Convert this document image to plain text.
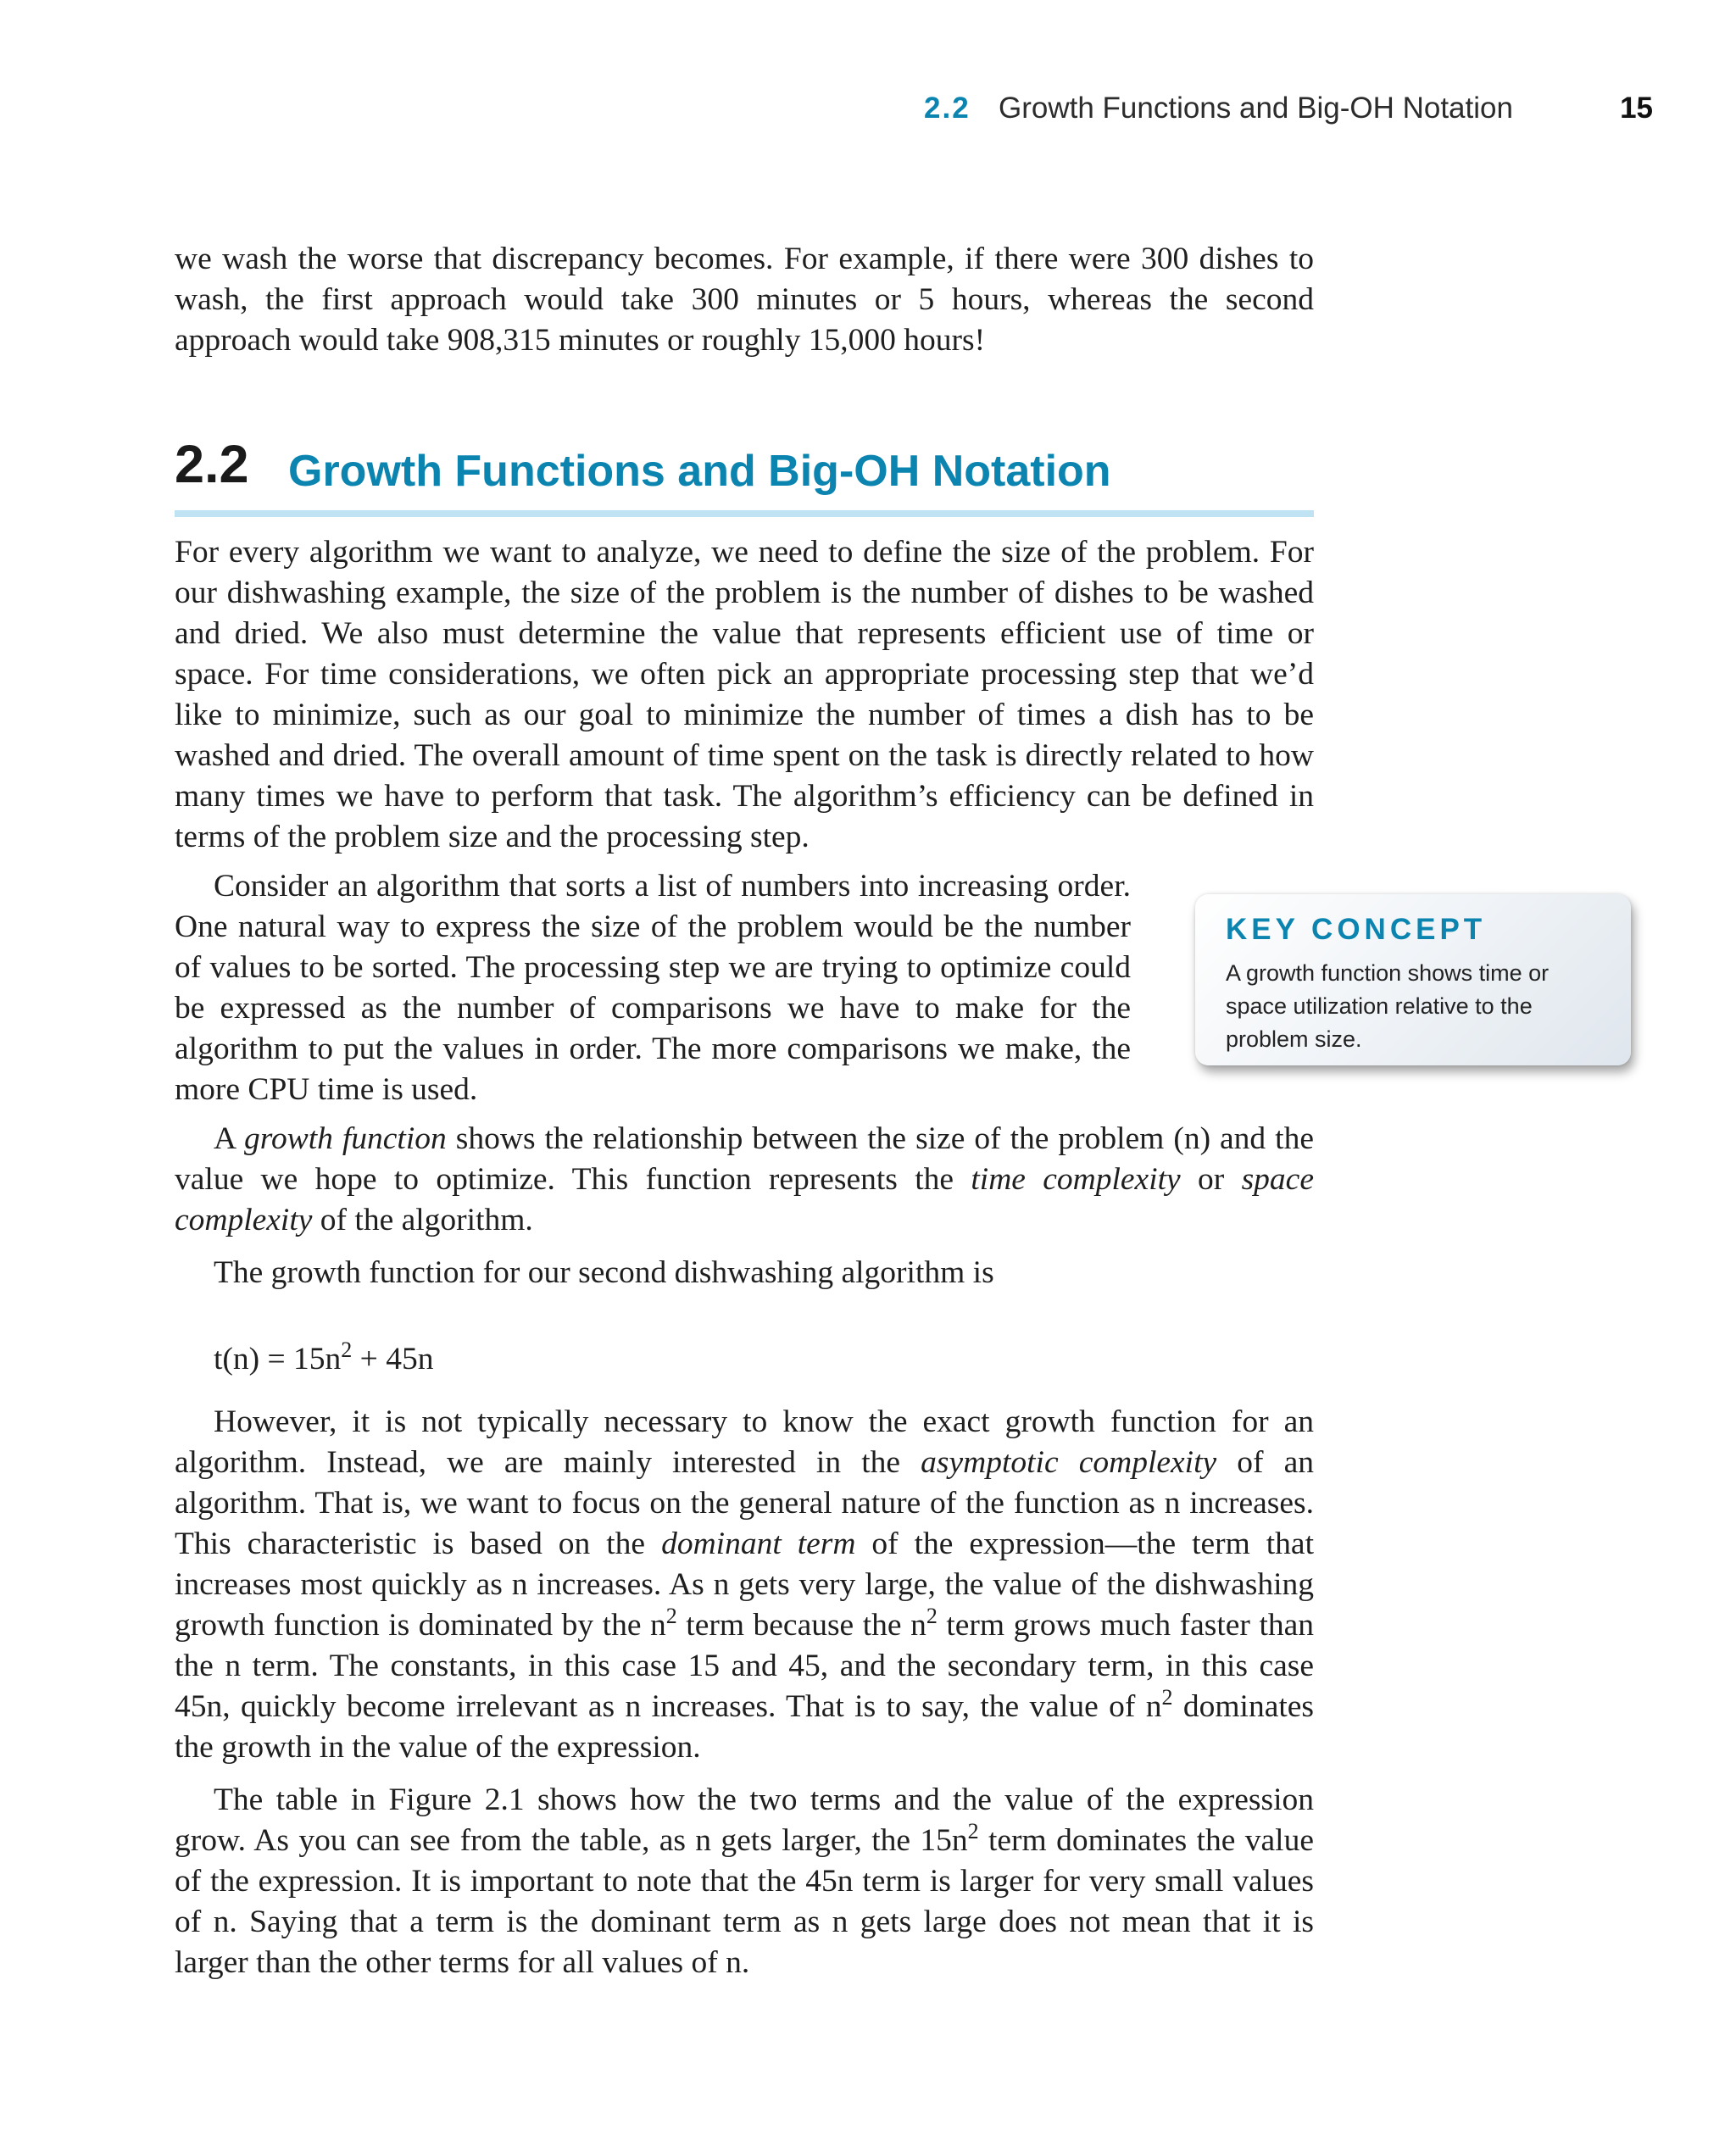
2.2 Growth Functions and Big-OH Notation	15

we wash the worse that discrepancy becomes. For example, if there were 300 dishes to wash, the first approach would take 300 minutes or 5 hours, whereas the second approach would take 908,315 minutes or roughly 15,000 hours!

2.2 Growth Functions and Big-OH Notation

For every algorithm we want to analyze, we need to define the size of the problem. For our dishwashing example, the size of the problem is the number of dishes to be washed and dried. We also must determine the value that represents efficient use of time or space. For time considerations, we often pick an appropriate processing step that we’d like to minimize, such as our goal to minimize the number of times a dish has to be washed and dried. The overall amount of time spent on the task is directly related to how many times we have to perform that task. The algorithm’s efficiency can be defined in terms of the problem size and the processing step.

Consider an algorithm that sorts a list of numbers into increasing order. One natural way to express the size of the problem would be the number of values to be sorted. The processing step we are trying to optimize could be expressed as the number of comparisons we have to make for the algorithm to put the values in order. The more comparisons we make, the more CPU time is used.

KEY CONCEPT
A growth function shows time or space utilization relative to the problem size.

A growth function shows the relationship between the size of the problem (n) and the value we hope to optimize. This function represents the time complexity or space complexity of the algorithm.

The growth function for our second dishwashing algorithm is

$t(n) = 15n^2 + 45n$

However, it is not typically necessary to know the exact growth function for an algorithm. Instead, we are mainly interested in the asymptotic complexity of an algorithm. That is, we want to focus on the general nature of the function as n increases. This characteristic is based on the dominant term of the expression—the term that increases most quickly as n increases. As n gets very large, the value of the dishwashing growth function is dominated by the $n^2$ term because the $n^2$ term grows much faster than the n term. The constants, in this case 15 and 45, and the secondary term, in this case 45n, quickly become irrelevant as n increases. That is to say, the value of $n^2$ dominates the growth in the value of the expression.

The table in Figure 2.1 shows how the two terms and the value of the expression grow. As you can see from the table, as n gets larger, the $15n^2$ term dominates the value of the expression. It is important to note that the 45n term is larger for very small values of n. Saying that a term is the dominant term as n gets large does not mean that it is larger than the other terms for all values of n.
